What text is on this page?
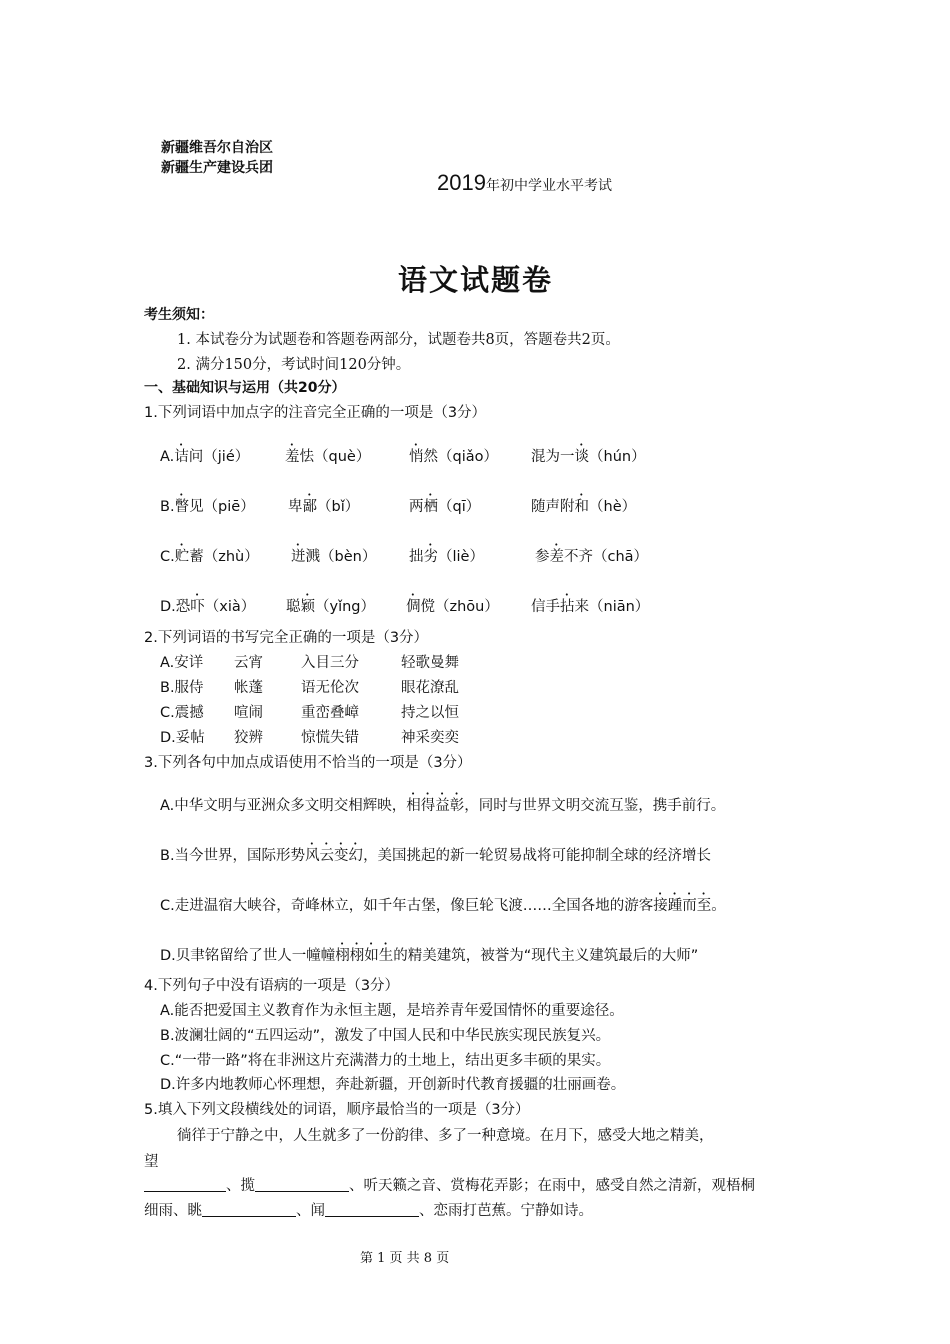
新疆维吾尔自治区
新疆生产建设兵团
2019年初中学业水平考试
语文试题卷
考生须知：
1. 本试卷分为试题卷和答题卷两部分，试题卷共8页，答题卷共2页。
2. 满分150分，考试时间120分钟。
一、基础知识与运用（共20分）
1.下列词语中加点字的注音完全正确的一项是（3分）
A.诘问（jié） 羞怯（què）	悄然（qiǎo） 混为一谈（hún）
B.瞥见（piē） 卑鄙（bǐ）	两栖（qī）	随声附和（hè）
C.贮蓄（zhù） 迸溅（bèn） 拙劣（liè）	参差不齐（chā）
D.恐吓（xià） 聪颖（yǐng） 倜傥（zhōu） 信手拈来（niān）
2.下列词语的书写完全正确的一项是（3分）
A.安详 云宵	入目三分	轻歌曼舞
B.服侍 帐蓬	语无伦次	眼花潦乱
C.震撼 喧闹	重峦叠嶂	持之以恒
D.妥帖 狡辨	惊慌失错	神采奕奕
3.下列各句中加点成语使用不恰当的一项是（3分）
A.中华文明与亚洲众多文明交相辉映，相得益彰，同时与世界文明交流互鉴，携手前行。
B.当今世界，国际形势风云变幻，美国挑起的新一轮贸易战将可能抑制全球的经济增长
C.走进温宿大峡谷，奇峰林立，如千年古堡，像巨轮飞渡……全国各地的游客接踵而至。
D.贝聿铭留给了世人一幢幢栩栩如生的精美建筑，被誉为“现代主义建筑最后的大师”
4.下列句子中没有语病的一项是（3分）
A.能否把爱国主义教育作为永恒主题，是培养青年爱国情怀的重要途径。
B.波澜壮阔的“五四运动”，激发了中国人民和中华民族实现民族复兴。
C.“一带一路”将在非洲这片充满潜力的土地上，结出更多丰硕的果实。
D.许多内地教师心怀理想，奔赴新疆，开创新时代教育援疆的壮丽画卷。
5.填入下列文段横线处的词语，顺序最恰当的一项是（3分）
徜徉于宁静之中，人生就多了一份韵律、多了一种意境。在月下，感受大地之精美，
望
、揽	、听天籁之音、赏梅花弄影；在雨中，感受自然之清新，观梧桐
细雨、眺	、闻	、恋雨打芭蕉。宁静如诗。
第 1 页 共 8 页
